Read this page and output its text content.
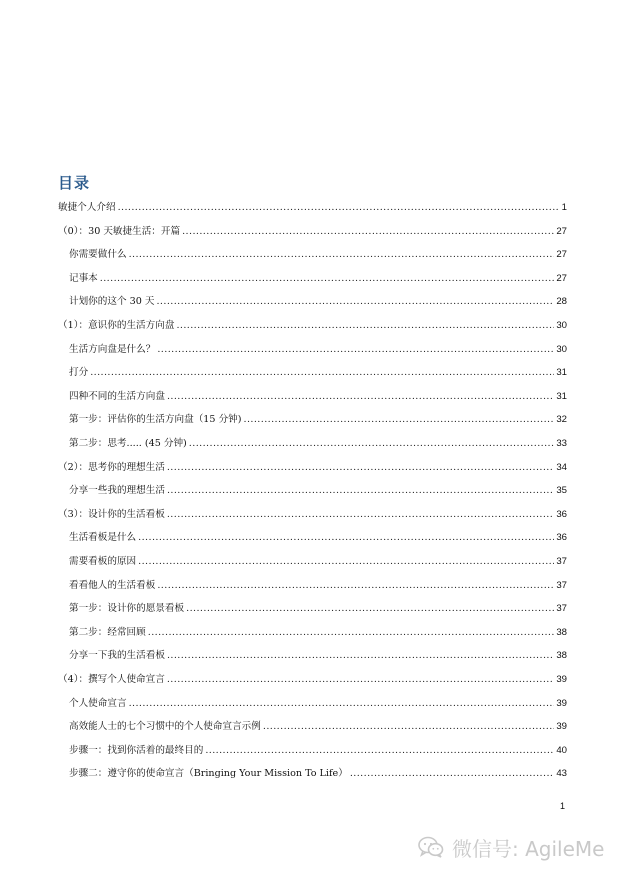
目录
敏捷个人介绍 .....	1
（0）：30 天敏捷生活：开篇 .....	27
你需要做什么 .....	27
记事本 .....	27
计划你的这个 30 天 .....	28
（1）：意识你的生活方向盘 .....	30
生活方向盘是什么？ .....	30
打分 .....	31
四种不同的生活方向盘 .....	31
第一步：评估你的生活方向盘（15 分钟) .....	32
第二步：思考..... (45 分钟) .....	33
（2）：思考你的理想生活 .....	34
分享一些我的理想生活 .....	35
（3）：设计你的生活看板 .....	36
生活看板是什么 .....	36
需要看板的原因 .....	37
看看他人的生活看板 .....	37
第一步：设计你的愿景看板 .....	37
第二步：经常回顾 .....	38
分享一下我的生活看板 .....	38
（4）：撰写个人使命宣言 .....	39
个人使命宣言 .....	39
高效能人士的七个习惯中的个人使命宣言示例 .....	39
步骤一：找到你活着的最终目的 .....	40
步骤二：遵守你的使命宣言（Bringing Your Mission To Life） .....	43
1
微信号: AgileMe
